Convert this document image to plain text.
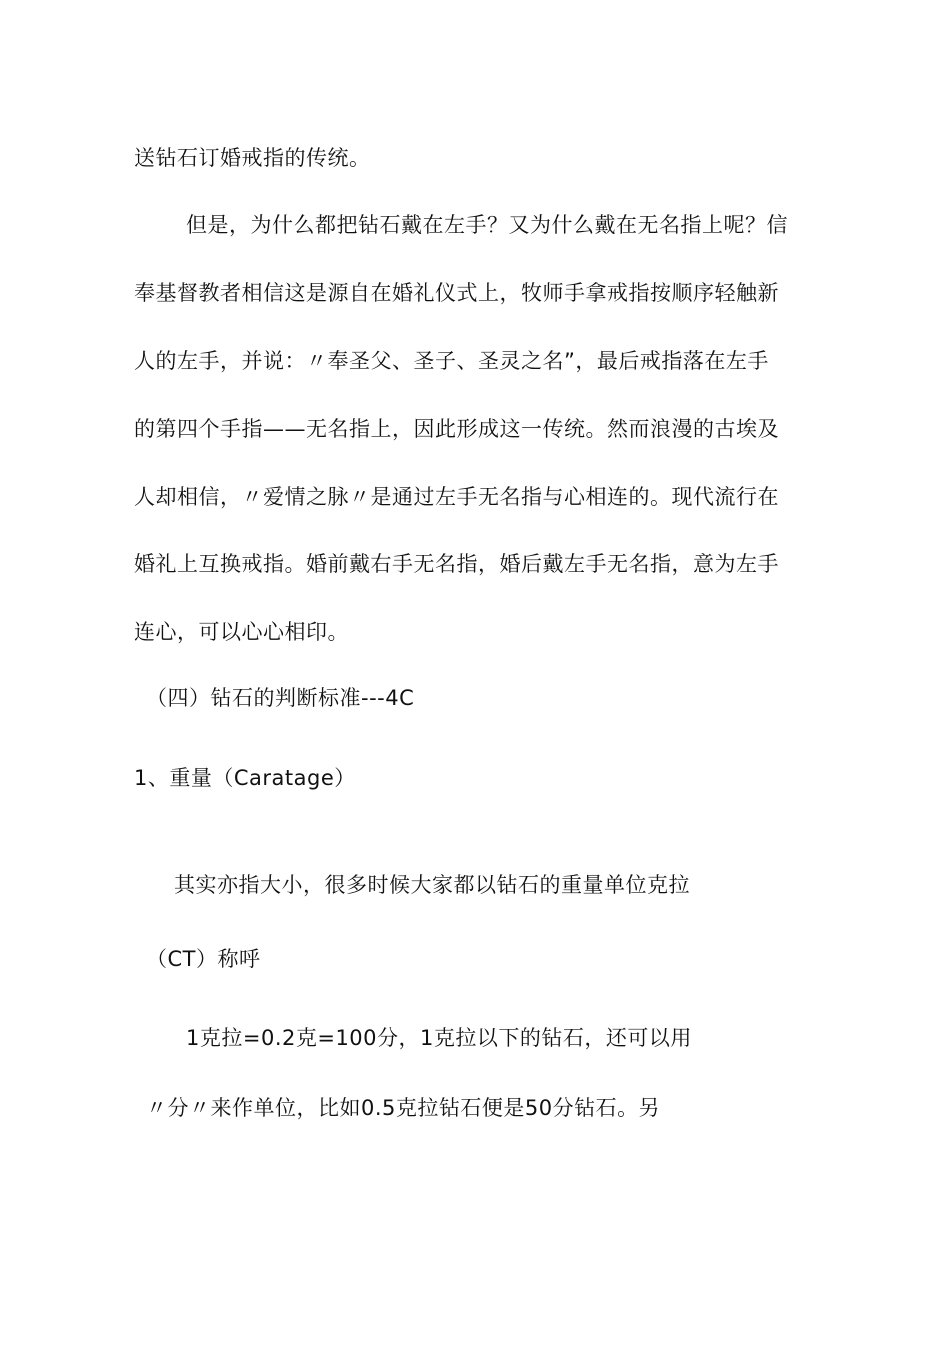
送钻石订婚戒指的传统。
但是，为什么都把钻石戴在左手？又为什么戴在无名指上呢？信
奉基督教者相信这是源自在婚礼仪式上，牧师手拿戒指按顺序轻触新
人的左手，并说：〃奉圣父、圣子、圣灵之名”，最后戒指落在左手
的第四个手指——无名指上，因此形成这一传统。然而浪漫的古埃及
人却相信，〃爱情之脉〃是通过左手无名指与心相连的。现代流行在
婚礼上互换戒指。婚前戴右手无名指，婚后戴左手无名指，意为左手
连心，可以心心相印。
（四）钻石的判断标准---4C
1、重量（Caratage）
其实亦指大小，很多时候大家都以钻石的重量单位克拉
（CT）称呼
1克拉=0.2克=100分，1克拉以下的钻石，还可以用
〃分〃来作单位，比如0.5克拉钻石便是50分钻石。另
